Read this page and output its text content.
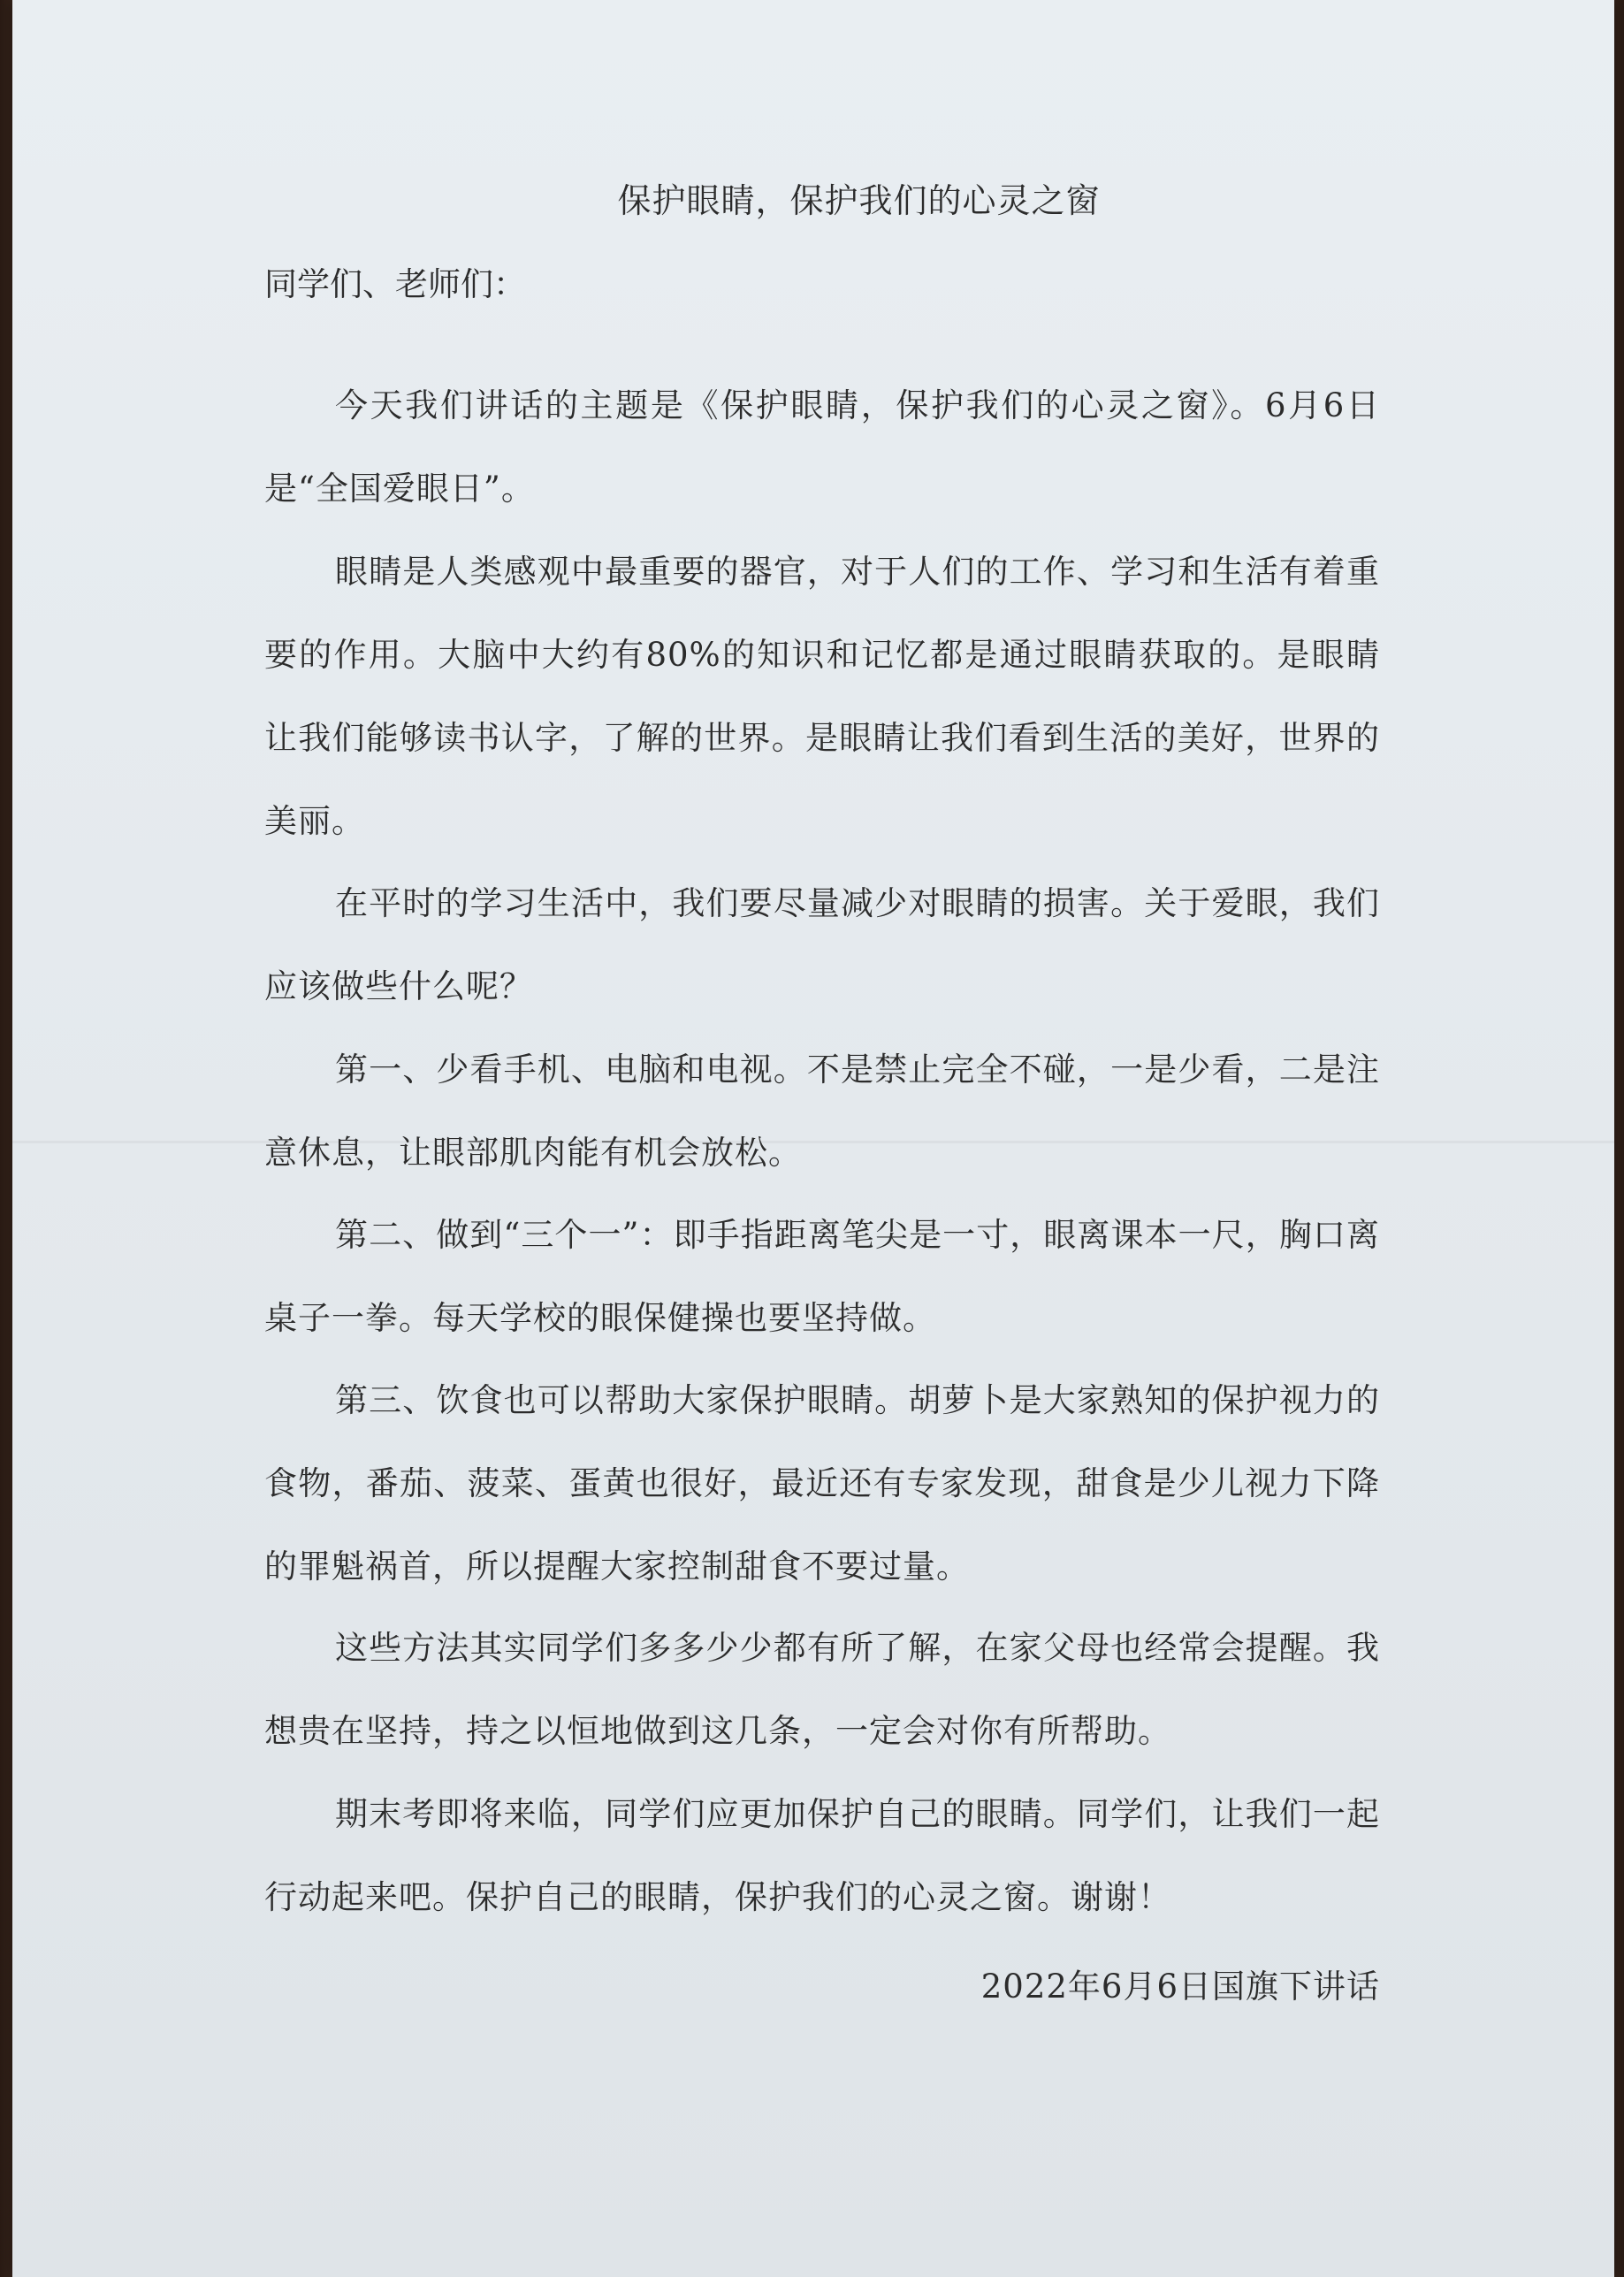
保护眼睛，保护我们的心灵之窗
同学们、老师们：

今天我们讲话的主题是《保护眼睛，保护我们的心灵之窗》。6月6日是“全国爱眼日”。

眼睛是人类感观中最重要的器官，对于人们的工作、学习和生活有着重要的作用。大脑中大约有80%的知识和记忆都是通过眼睛获取的。是眼睛让我们能够读书认字，了解的世界。是眼睛让我们看到生活的美好，世界的美丽。

在平时的学习生活中，我们要尽量减少对眼睛的损害。关于爱眼，我们应该做些什么呢？

第一、少看手机、电脑和电视。不是禁止完全不碰，一是少看，二是注意休息，让眼部肌肉能有机会放松。

第二、做到“三个一”：即手指距离笔尖是一寸，眼离课本一尺，胸口离桌子一拳。每天学校的眼保健操也要坚持做。

第三、饮食也可以帮助大家保护眼睛。胡萝卜是大家熟知的保护视力的食物，番茄、菠菜、蛋黄也很好，最近还有专家发现，甜食是少儿视力下降的罪魁祸首，所以提醒大家控制甜食不要过量。

这些方法其实同学们多多少少都有所了解，在家父母也经常会提醒。我想贵在坚持，持之以恒地做到这几条，一定会对你有所帮助。

期末考即将来临，同学们应更加保护自己的眼睛。同学们，让我们一起行动起来吧。保护自己的眼睛，保护我们的心灵之窗。谢谢！

2022年6月6日国旗下讲话
